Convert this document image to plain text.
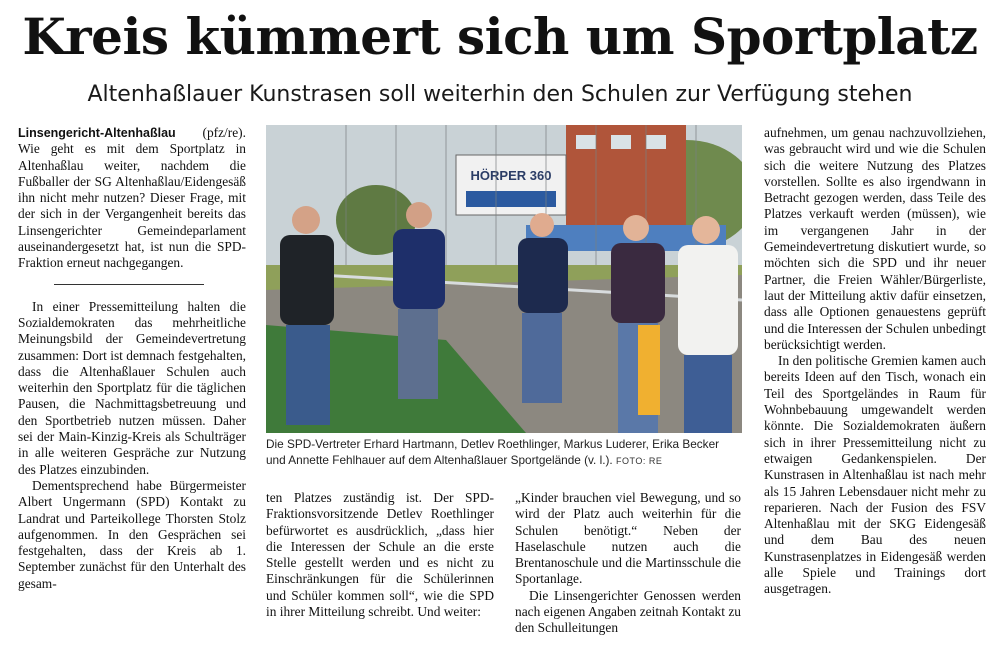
Kreis kümmert sich um Sportplatz
Altenhaßlauer Kunstrasen soll weiterhin den Schulen zur Verfügung stehen

Linsengericht-Altenhaßlau (pfz/re). Wie geht es mit dem Sportplatz in Altenhaßlau weiter, nachdem die Fußballer der SG Altenhaßlau/Eidengesäß ihn nicht mehr nutzen? Dieser Frage, mit der sich in der Vergangenheit bereits das Linsengerichter Gemeindeparlament auseinandergesetzt hat, ist nun die SPD-Fraktion erneut nachgegangen.

In einer Pressemitteilung halten die Sozialdemokraten das mehrheitliche Meinungsbild der Gemeindevertretung zusammen: Dort ist demnach festgehalten, dass die Altenhaßlauer Schulen auch weiterhin den Sportplatz für die täglichen Pausen, die Nachmittagsbetreuung und den Sportbetrieb nutzen müssen. Daher sei der Main-Kinzig-Kreis als Schulträger in alle weiteren Gespräche zur Nutzung des Platzes einzubinden.

Dementsprechend habe Bürgermeister Albert Ungermann (SPD) Kontakt zu Landrat und Parteikollege Thorsten Stolz aufgenommen. In den Gesprächen sei festgehalten, dass der Kreis ab 1. September zunächst für den Unterhalt des gesam-

HÖRPER 360
Die SPD-Vertreter Erhard Hartmann, Detlev Roethlinger, Markus Luderer, Erika Becker und Annette Fehlhauer auf dem Altenhaßlauer Sportgelände (v. l.). FOTO: RE

ten Platzes zuständig ist. Der SPD-Fraktionsvorsitzende Detlev Roethlinger befürwortet es ausdrücklich, „dass hier die Interessen der Schule an die erste Stelle gestellt werden und es nicht zu Einschränkungen für die Schülerinnen und Schüler kommen soll“, wie die SPD in ihrer Mitteilung schreibt. Und weiter:

„Kinder brauchen viel Bewegung, und so wird der Platz auch weiterhin für die Schulen benötigt.“ Neben der Haselaschule nutzen auch die Brentanoschule und die Martinsschule die Sportanlage.

Die Linsengerichter Genossen werden nach eigenen Angaben zeitnah Kontakt zu den Schulleitungen

aufnehmen, um genau nachzuvollziehen, was gebraucht wird und wie die Schulen sich die weitere Nutzung des Platzes vorstellen. Sollte es also irgendwann in Betracht gezogen werden, dass Teile des Platzes verkauft werden (müssen), wie im vergangenen Jahr in der Gemeindevertretung diskutiert wurde, so möchten sich die SPD und ihr neuer Partner, die Freien Wähler/Bürgerliste, laut der Mitteilung aktiv dafür einsetzen, dass alle Optionen genauestens geprüft und die Interessen der Schulen unbedingt berücksichtigt werden.

In den politische Gremien kamen auch bereits Ideen auf den Tisch, wonach ein Teil des Sportgeländes in Raum für Wohnbebauung umgewandelt werden könnte. Die Sozialdemokraten äußern sich in ihrer Pressemitteilung nicht zu etwaigen Gedankenspielen. Der Kunstrasen in Altenhaßlau ist nach mehr als 15 Jahren Lebensdauer nicht mehr zu reparieren. Nach der Fusion des FSV Altenhaßlau mit der SKG Eidengesäß und dem Bau des neuen Kunstrasenplatzes in Eidengesäß werden alle Spiele und Trainings dort ausgetragen.
